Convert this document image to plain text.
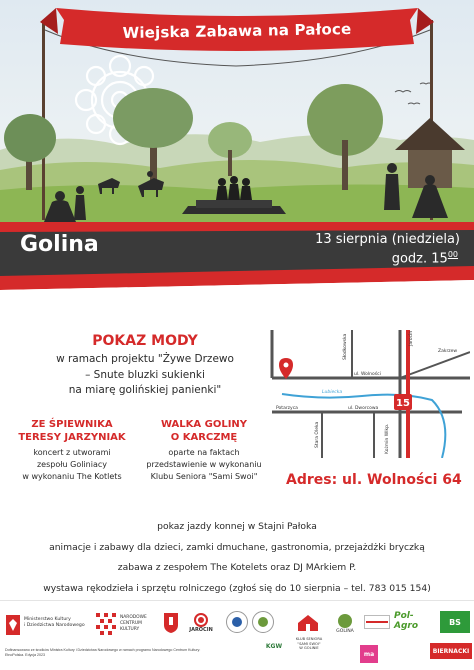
Wiejska Zabawa na Pałoce
Golina	13 sierpnia (niedziela)
godz. $15^{00}$
POKAZ MODY
w ramach projektu "Żywe Drzewo
– Snute bluzki sukienki
na miarę golińskiej panienki"
ZE ŚPIEWNIKA
TERESY JARZYNIAK
koncert z utworami
zespołu Goliniacy
w wykonaniu The Kotlets
WALKA GOLINY
O KARCZMĘ
oparte na faktach
przedstawienie w wykonaniu
Klubu Seniora "Sami Swoi"
15
Słodkowska	Jarocin
Zakrzew
ul. Wolności
Lubiecka
Potarzyca	ul. Dworcowa
Stara Oleka	Kożmin Wlkp.
Adres: ul. Wolności 64
pokaz jazdy konnej w Stajni Pałoka
animacje i zabawy dla dzieci, zamki dmuchane, gastronomia, przejażdżki bryczką
zabawa z zespołem The Kotelets oraz DJ MArkiem P.
wystawa rękodzieła i sprzętu rolniczego (zgłoś się do 10 sierpnia – tel. 783 015 154)
Ministerstwo Kultury
i Dziedzictwa Narodowego
NARODOWE
CENTRUM
KULTURY	JAROCIN
KGW
KLUB SENIORA
"SAMI SWOI"
W GOLINIE
GOLINA
ma
Pol-Agro	BS
BIERNACKI
Dofinansowano ze środków Ministra Kultury i Dziedzictwa Narodowego w ramach programu Narodowego Centrum Kultury: EtnoPolska. Edycja 2023
